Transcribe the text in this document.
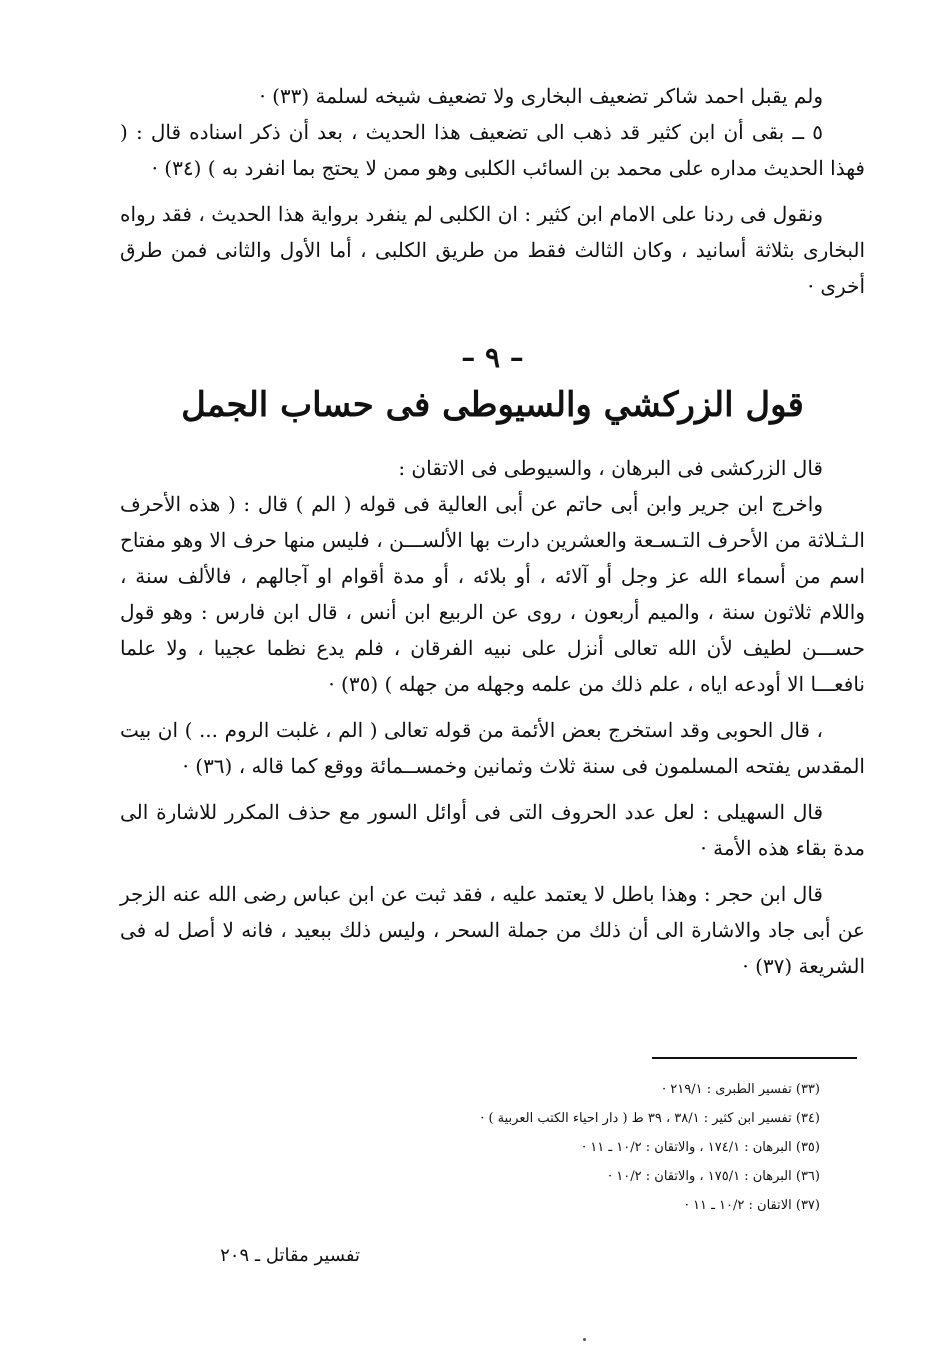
ولم يقبل احمد شاكر تضعيف البخارى ولا تضعيف شيخه لسلمة (٣٣) ·

٥ ــ بقى أن ابن كثير قد ذهب الى تضعيف هذا الحديث ، بعد أن ذكر اسناده قال : ( فهذا الحديث مداره على محمد بن السائب الكلبى وهو ممن لا يحتج بما انفرد به ) (٣٤) ·

ونقول فى ردنا على الامام ابن كثير : ان الكلبى لم ينفرد برواية هذا الحديث ، فقد رواه البخارى بثلاثة أسانيد ، وكان الثالث فقط من طريق الكلبى ، أما الأول والثانى فمن طرق أخرى ·

– ٩ –
قول الزركشي والسيوطى فى حساب الجمل

قال الزركشى فى البرهان ، والسيوطى فى الاتقان :

واخرج ابن جرير وابن أبى حاتم عن أبى العالية فى قوله ( الم ) قال : ( هذه الأحرف الـثـلاثة من الأحرف التـسـعة والعشرين دارت بها الألســـن ، فليس منها حرف الا وهو مفتاح اسم من أسماء الله عز وجل أو آلائه ، أو بلائه ، أو مدة أقوام او آجالهم ، فالألف سنة ، واللام ثلاثون سنة ، والميم أربعون ، روى عن الربيع ابن أنس ، قال ابن فارس : وهو قول حســـن لطيف لأن الله تعالى أنزل على نبيه الفرقان ، فلم يدع نظما عجيبا ، ولا علما نافعـــا الا أودعه اياه ، علم ذلك من علمه وجهله من جهله ) (٣٥) ·

، قال الحوبى وقد استخرج بعض الأئمة من قوله تعالى ( الم ، غلبت الروم ... ) ان بيت المقدس يفتحه المسلمون فى سنة ثلاث وثمانين وخمســمائة ووقع كما قاله ، (٣٦) ·

قال السهيلى : لعل عدد الحروف التى فى أوائل السور مع حذف المكرر للاشارة الى مدة بقاء هذه الأمة ·

قال ابن حجر : وهذا باطل لا يعتمد عليه ، فقد ثبت عن ابن عباس رضى الله عنه الزجر عن أبى جاد والاشارة الى أن ذلك من جملة السحر ، وليس ذلك ببعيد ، فانه لا أصل له فى الشريعة (٣٧) ·

(٣٣) تفسير الطبرى : ٢١٩/١ ·

(٣٤) تفسير ابن كثير : ٣٨/١ ، ٣٩ ط ( دار احياء الكتب العربية ) ·

(٣٥) البرهان : ١٧٤/١ ، والاتقان : ١٠/٢ ـ ١١ ·

(٣٦) البرهان : ١٧٥/١ ، والاتقان : ١٠/٢ ·

(٣٧) الاتقان : ١٠/٢ ـ ١١ ·

تفسير مقاتل ـ ٢٠٩
